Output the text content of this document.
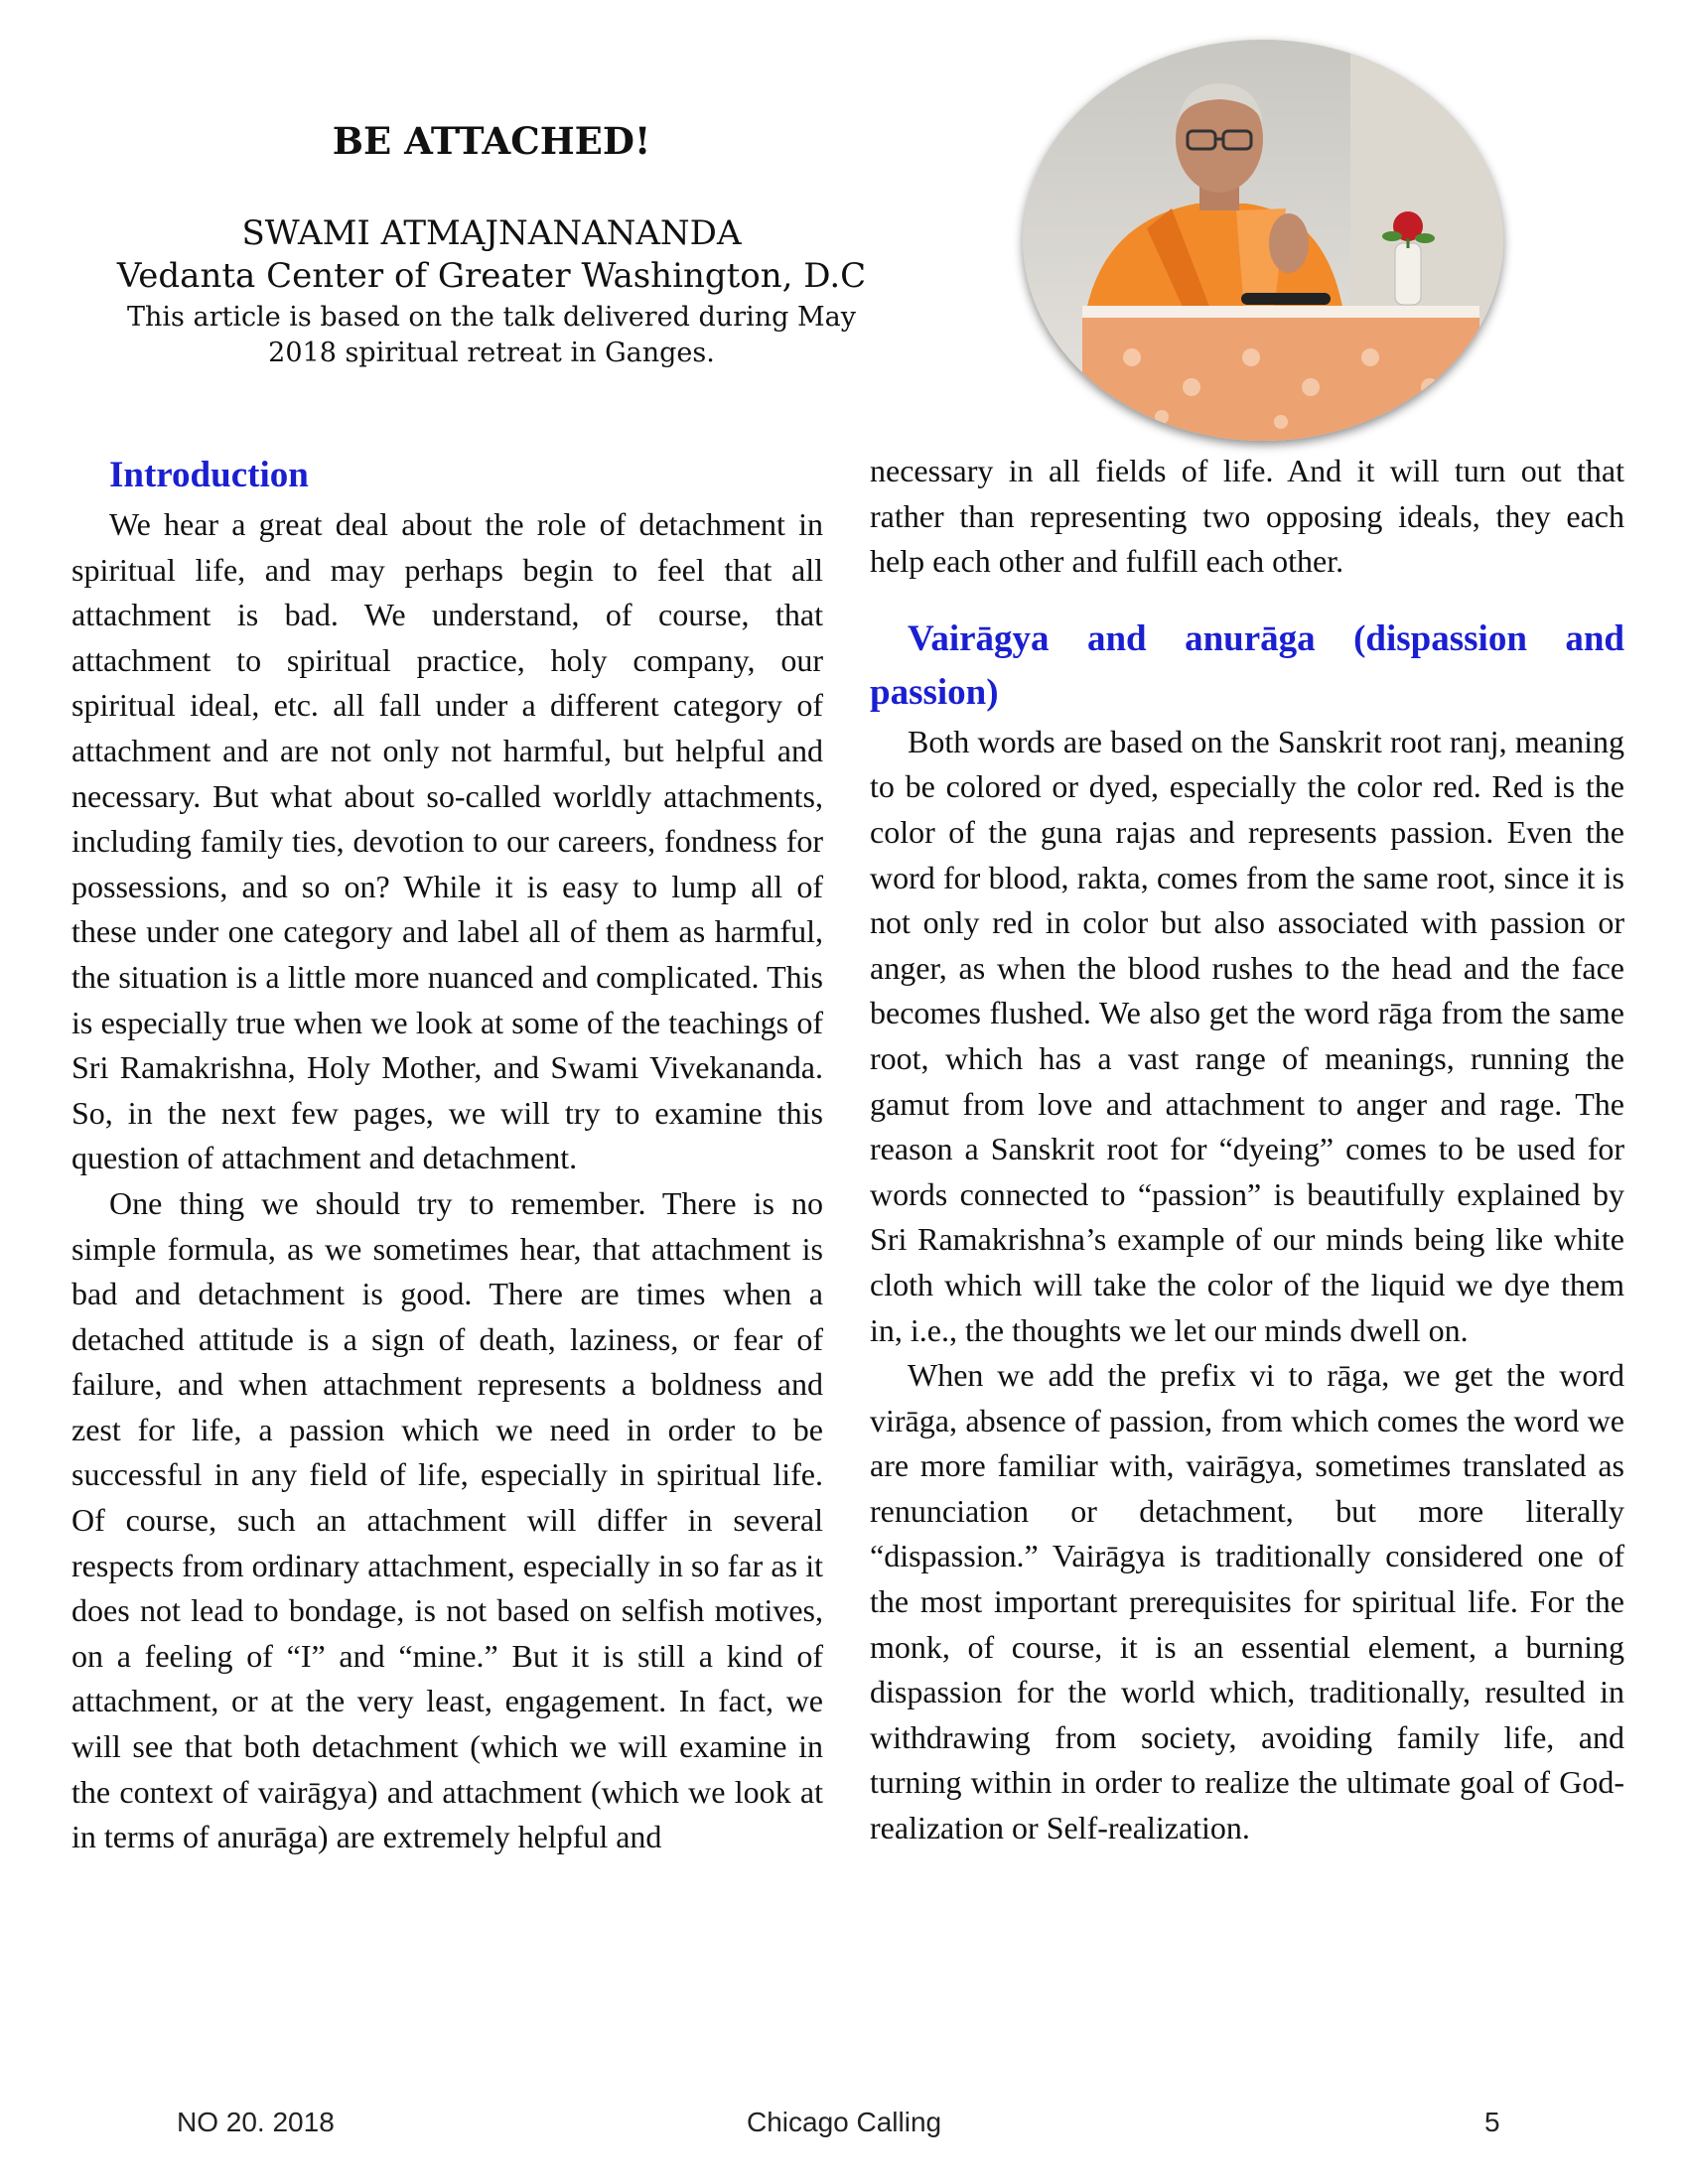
BE ATTACHED!

SWAMI ATMAJNANANANDA

Vedanta Center of Greater Washington, D.C

This article is based on the talk delivered during May
2018 spiritual retreat in Ganges.

Introduction

We hear a great deal about the role of detachment in spiritual life, and may perhaps begin to feel that all attachment is bad. We understand, of course, that attachment to spiritual practice, holy company, our spiritual ideal, etc. all fall under a different category of attachment and are not only not harmful, but helpful and necessary. But what about so-called worldly attachments, including family ties, devotion to our careers, fondness for possessions, and so on? While it is easy to lump all of these under one category and label all of them as harmful, the situation is a little more nuanced and complicated. This is especially true when we look at some of the teachings of Sri Ramakrishna, Holy Mother, and Swami Vivekananda. So, in the next few pages, we will try to examine this question of attachment and detachment.

One thing we should try to remember. There is no simple formula, as we sometimes hear, that attachment is bad and detachment is good. There are times when a detached attitude is a sign of death, laziness, or fear of failure, and when attachment represents a boldness and zest for life, a passion which we need in order to be successful in any field of life, especially in spiritual life. Of course, such an attachment will differ in several respects from ordinary attachment, especially in so far as it does not lead to bondage, is not based on selfish motives, on a feeling of “I” and “mine.” But it is still a kind of attachment, or at the very least, engagement. In fact, we will see that both detachment (which we will examine in the context of vairāgya) and attachment (which we look at in terms of anurāga) are extremely helpful and

necessary in all fields of life. And it will turn out that rather than representing two opposing ideals, they each help each other and fulfill each other.

Vairāgya and anurāga (dispassion and passion)

Both words are based on the Sanskrit root ranj, meaning to be colored or dyed, especially the color red. Red is the color of the guna rajas and represents passion. Even the word for blood, rakta, comes from the same root, since it is not only red in color but also associated with passion or anger, as when the blood rushes to the head and the face becomes flushed. We also get the word rāga from the same root, which has a vast range of meanings, running the gamut from love and attachment to anger and rage. The reason a Sanskrit root for “dyeing” comes to be used for words connected to “passion” is beautifully explained by Sri Ramakrishna’s example of our minds being like white cloth which will take the color of the liquid we dye them in, i.e., the thoughts we let our minds dwell on.

When we add the prefix vi to rāga, we get the word virāga, absence of passion, from which comes the word we are more familiar with, vairāgya, sometimes translated as renunciation or detachment, but more literally “dispassion.” Vairāgya is traditionally considered one of the most important prerequisites for spiritual life. For the monk, of course, it is an essential element, a burning dispassion for the world which, traditionally, resulted in withdrawing from society, avoiding family life, and turning within in order to realize the ultimate goal of God-realization or Self-realization.

NO 20. 2018	Chicago Calling	5
